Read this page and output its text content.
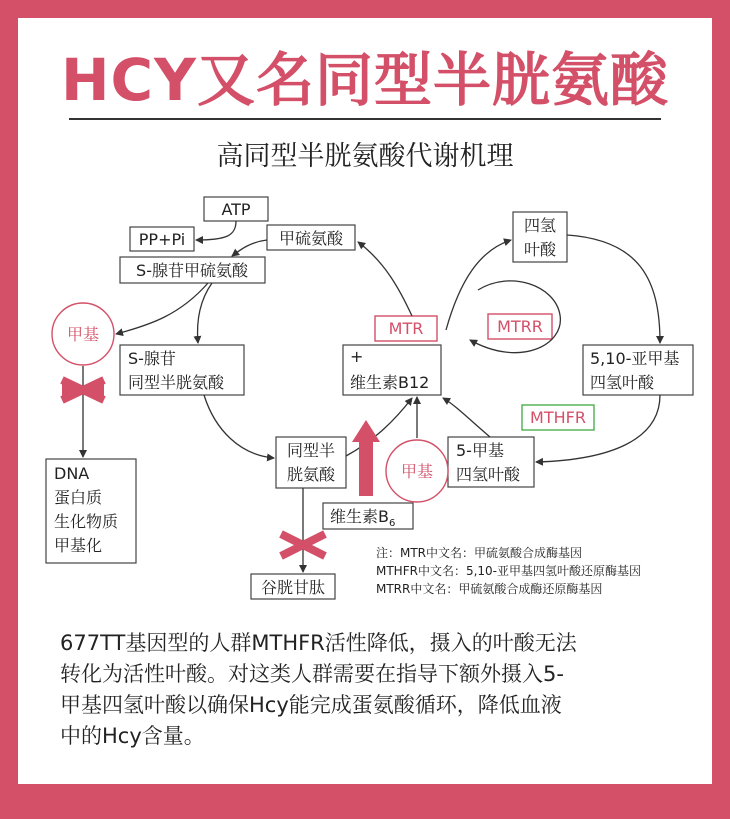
HCY又名同型半胱氨酸
高同型半胱氨酸代谢机理
ATP
PP+Pi	甲硫氨酸
S-腺苷甲硫氨酸
S-腺苷
同型半胱氨酸
DNA
蛋白质
生化物质
甲基化
同型半
胱氨酸
维生素$B_6$
谷胱甘肽
MTR
+
维生素B12
四氢
叶酸
MTRR
5,10-亚甲基
四氢叶酸
MTHFR
5-甲基
四氢叶酸
甲基
甲基
注：MTR中文名：甲硫氨酸合成酶基因
MTHFR中文名：5,10-亚甲基四氢叶酸还原酶基因
MTRR中文名：甲硫氨酸合成酶还原酶基因
677TT基因型的人群MTHFR活性降低，摄入的叶酸无法
转化为活性叶酸。对这类人群需要在指导下额外摄入5-
甲基四氢叶酸以确保Hcy能完成蛋氨酸循环，降低血液
中的Hcy含量。
